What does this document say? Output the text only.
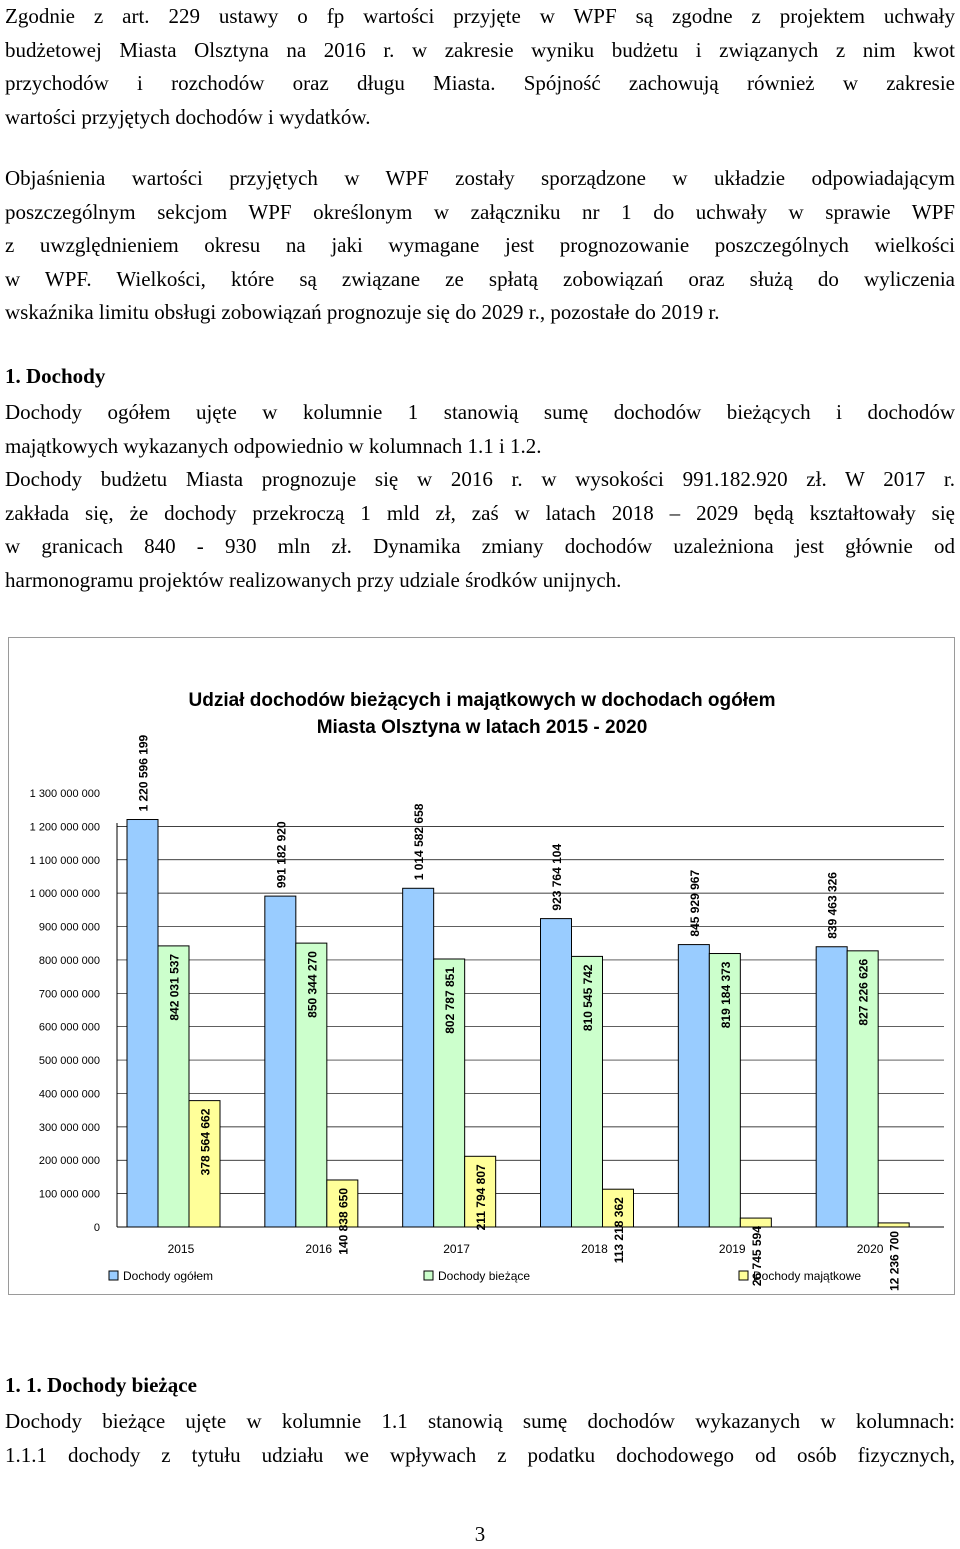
Zgodnie z art. 229 ustawy o fp wartości przyjęte w WPF są zgodne z projektem uchwały
budżetowej Miasta Olsztyna na 2016 r. w zakresie wyniku budżetu i związanych z nim kwot
przychodów i rozchodów oraz długu Miasta. Spójność zachowują również w zakresie
wartości przyjętych dochodów i wydatków.
Objaśnienia wartości przyjętych w WPF zostały sporządzone w układzie odpowiadającym
poszczególnym sekcjom WPF określonym w załączniku nr 1 do uchwały w sprawie WPF
z uwzględnieniem okresu na jaki wymagane jest prognozowanie poszczególnych wielkości
w WPF. Wielkości, które są związane ze spłatą zobowiązań oraz służą do wyliczenia
wskaźnika limitu obsługi zobowiązań prognozuje się do 2029 r., pozostałe do 2019 r.
1. Dochody
Dochody ogółem ujęte w kolumnie 1 stanowią sumę dochodów bieżących i dochodów
majątkowych wykazanych odpowiednio w kolumnach 1.1 i 1.2.
Dochody budżetu Miasta prognozuje się w 2016 r. w wysokości 991.182.920 zł. W 2017 r.
zakłada się, że dochody przekroczą 1 mld zł, zaś w latach 2018 – 2029 będą kształtowały się
w granicach 840 - 930 mln zł. Dynamika zmiany dochodów uzależniona jest głównie od
harmonogramu projektów realizowanych przy udziale środków unijnych.
Udział dochodów bieżących i majątkowych w dochodach ogółem
Miasta Olsztyna w latach 2015 - 2020
0
100 000 000
200 000 000
300 000 000
400 000 000
500 000 000
600 000 000
700 000 000
800 000 000
900 000 000
1 000 000 000
1 100 000 000
1 200 000 000
1 300 000 000	1 220 596 199
842 031 537
378 564 662
991 182 920
850 344 270
140 838 650
1 014 582 658
802 787 851
211 794 807
923 764 104
810 545 742
113 218 362
845 929 967
819 184 373
26 745 594
839 463 326
827 226 626
12 236 700
2015	2016	2017	2018	2019	2020
Dochody ogółem	Dochody bieżące	Dochody majątkowe
1. 1. Dochody bieżące
Dochody bieżące ujęte w kolumnie 1.1 stanowią sumę dochodów wykazanych w kolumnach:
1.1.1 dochody z tytułu udziału we wpływach z podatku dochodowego od osób fizycznych,
3
